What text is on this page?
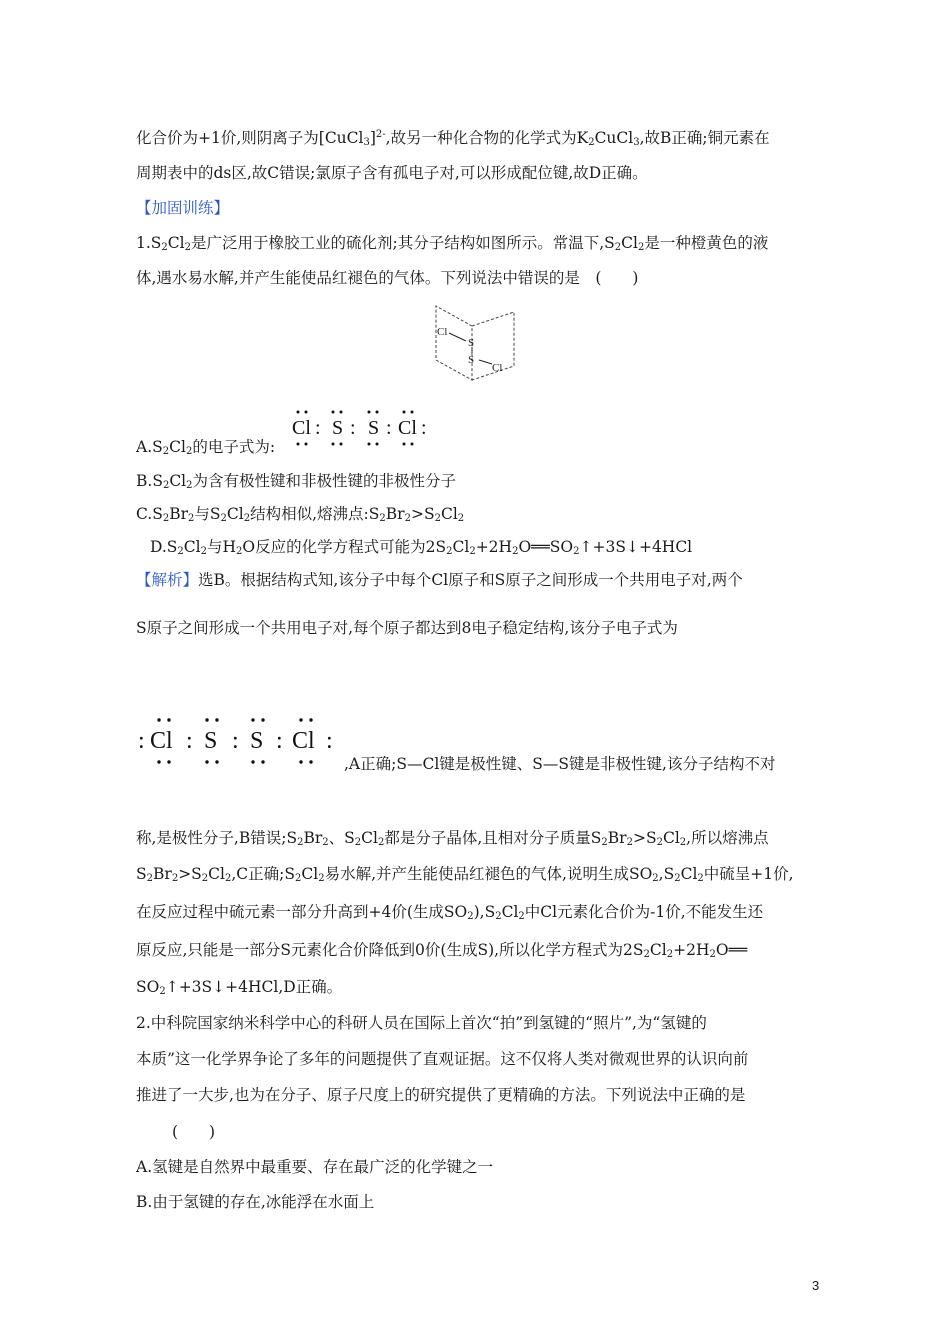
化合价为+1价,则阴离子为[CuCl$_3$]$^{2-}$,故另一种化合物的化学式为$K_2CuCl_3$,故B正确;铜元素在
周期表中的ds区,故C错误;氯原子含有孤电子对,可以形成配位键,故D正确。
【加固训练】
$1.S_2Cl_2$是广泛用于橡胶工业的硫化剂;其分子结构如图所示。常温下$,S_2Cl_2$是一种橙黄色的液
体,遇水易水解,并产生能使品红褪色的气体。下列说法中错误的是　(　　)
Cl
S
S
Cl
$A.S_2Cl_2$的电子式为:
Cl : S : S : Cl :
$B.S_2Cl_2$为含有极性键和非极性键的非极性分子
$C.S_2Br_2$与$S_2Cl_2$结构相似,熔沸点$:S_2Br_2>S_2Cl_2$
$D.S_2Cl_2$与$H_2O$反应的化学方程式可能为$2S_2Cl_2+2H_2O══SO_2↑+3S↓+4HCl$
【解析】选B。根据结构式知,该分子中每个Cl原子和S原子之间形成一个共用电子对,两个
S原子之间形成一个共用电子对,每个原子都达到8电子稳定结构,该分子电子式为
: Cl : S : S : Cl :
,A正确;S—Cl键是极性键、S—S键是非极性键,该分子结构不对
称,是极性分子,B错误$;S_2Br_2$、$S_2Cl_2$都是分子晶体,且相对分子质量$S_2Br_2>S_2Cl_2$,所以熔沸点
$S_2Br_2>S_2Cl_2,C$正确$;S_2Cl_2$易水解,并产生能使品红褪色的气体,说明生成$SO_2,S_2Cl_2$中硫呈+1价,
在反应过程中硫元素一部分升高到+4价(生成$SO_2),S_2Cl_2$中Cl元素化合价为-1价,不能发生还
原反应,只能是一部分S元素化合价降低到0价(生成S),所以化学方程式为$2S_2Cl_2+2H_2O══$
$SO_2↑+3S↓+4HCl,D$正确。
2.中科院国家纳米科学中心的科研人员在国际上首次“拍”到氢键的“照片”,为“氢键的
本质”这一化学界争论了多年的问题提供了直观证据。这不仅将人类对微观世界的认识向前
推进了一大步,也为在分子、原子尺度上的研究提供了更精确的方法。下列说法中正确的是
(　　)
A.氢键是自然界中最重要、存在最广泛的化学键之一
B.由于氢键的存在,冰能浮在水面上
3
